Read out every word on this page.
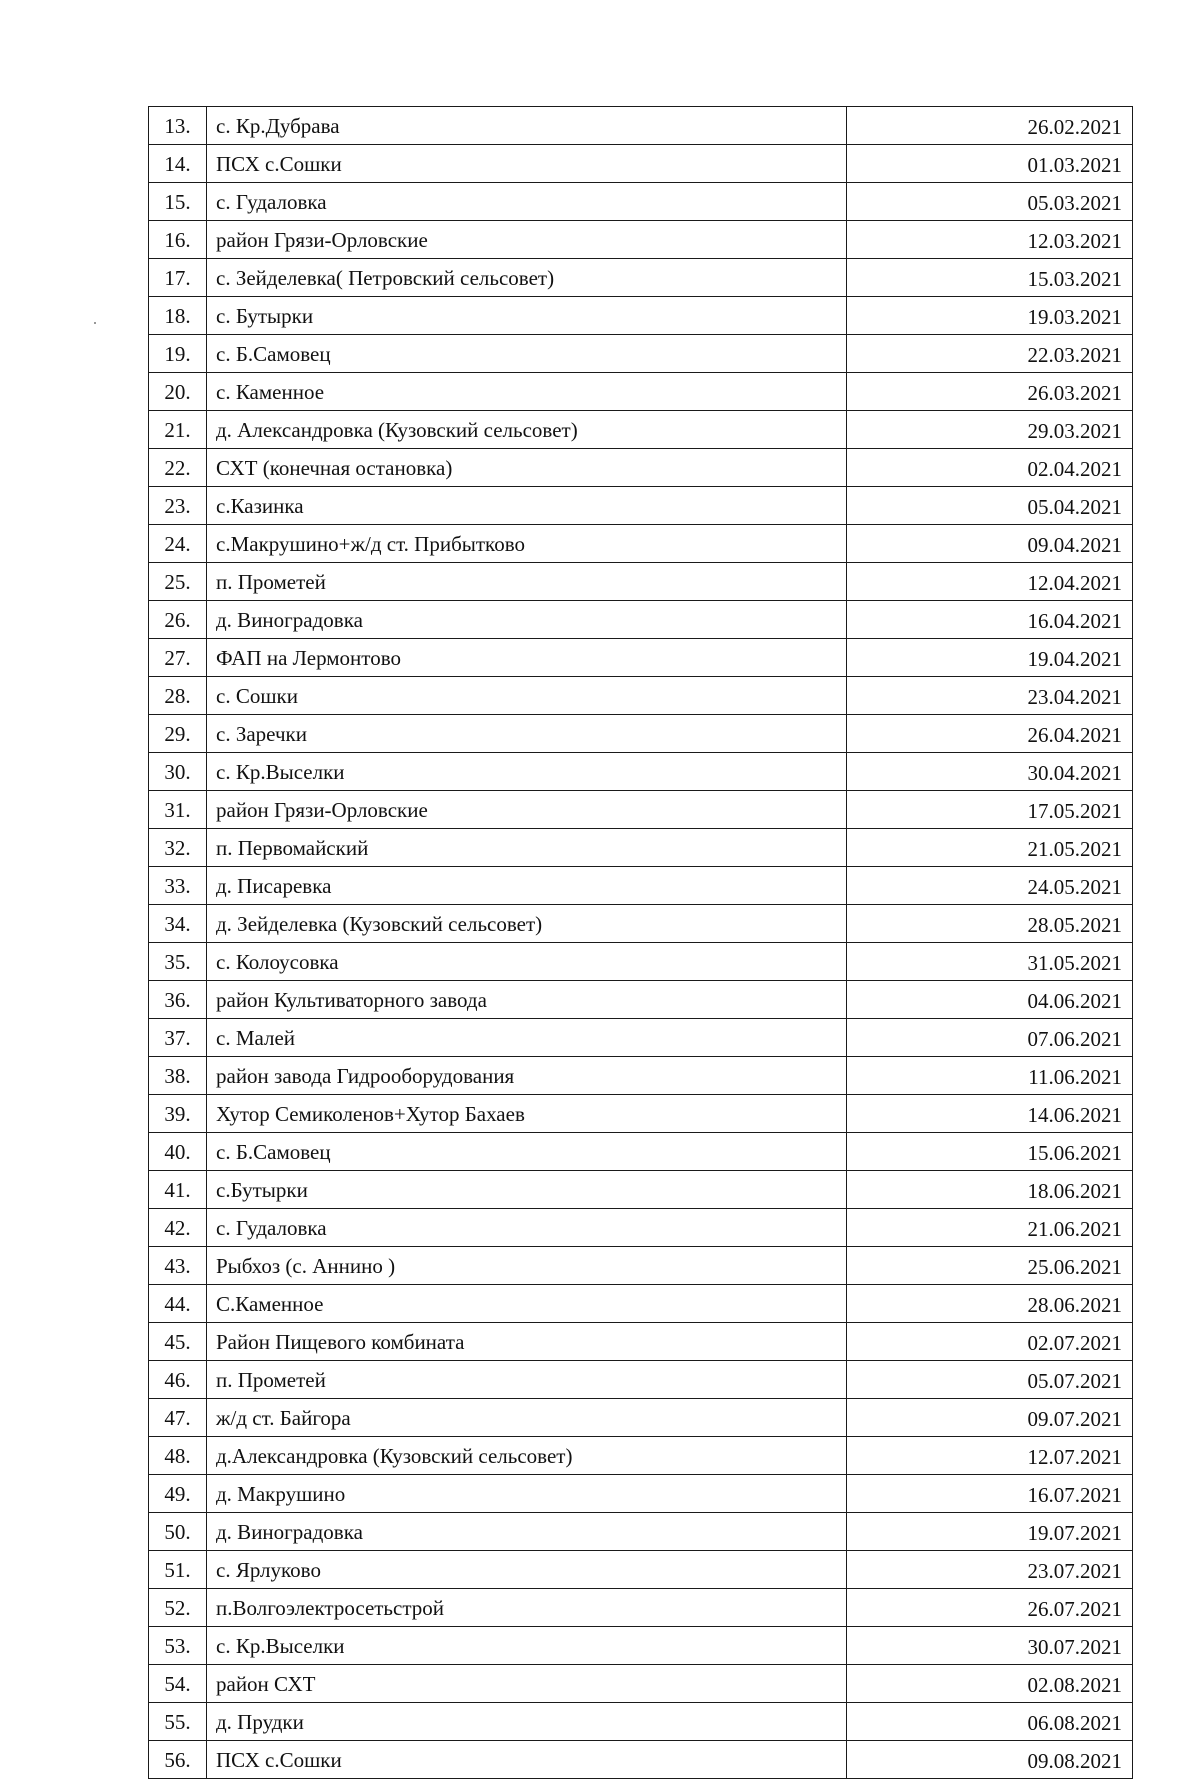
13.	с. Кр.Дубрава	26.02.2021
14.	ПСХ с.Сошки	01.03.2021
15.	с. Гудаловка	05.03.2021
16.	район Грязи-Орловские	12.03.2021
17.	с. Зейделевка( Петровский сельсовет)	15.03.2021
18.	с. Бутырки	19.03.2021
19.	с. Б.Самовец	22.03.2021
20.	с. Каменное	26.03.2021
21.	д. Александровка (Кузовский сельсовет)	29.03.2021
22.	СХТ (конечная остановка)	02.04.2021
23.	с.Казинка	05.04.2021
24.	с.Макрушино+ж/д ст. Прибытково	09.04.2021
25.	п. Прометей	12.04.2021
26.	д. Виноградовка	16.04.2021
27.	ФАП на Лермонтово	19.04.2021
28.	с. Сошки	23.04.2021
29.	с. Заречки	26.04.2021
30.	с. Кр.Выселки	30.04.2021
31.	район Грязи-Орловские	17.05.2021
32.	п. Первомайский	21.05.2021
33.	д. Писаревка	24.05.2021
34.	д. Зейделевка (Кузовский сельсовет)	28.05.2021
35.	с. Колоусовка	31.05.2021
36.	район Культиваторного завода	04.06.2021
37.	с. Малей	07.06.2021
38.	район завода Гидрооборудования	11.06.2021
39.	Хутор Семиколенов+Хутор Бахаев	14.06.2021
40.	с. Б.Самовец	15.06.2021
41.	с.Бутырки	18.06.2021
42.	с. Гудаловка	21.06.2021
43.	Рыбхоз (с. Аннино )	25.06.2021
44.	С.Каменное	28.06.2021
45.	Район Пищевого комбината	02.07.2021
46.	п. Прометей	05.07.2021
47.	ж/д ст. Байгора	09.07.2021
48.	д.Александровка (Кузовский сельсовет)	12.07.2021
49.	д. Макрушино	16.07.2021
50.	д. Виноградовка	19.07.2021
51.	с. Ярлуково	23.07.2021
52.	п.Волгоэлектросетьстрой	26.07.2021
53.	с. Кр.Выселки	30.07.2021
54.	район СХТ	02.08.2021
55.	д. Прудки	06.08.2021
56.	ПСХ с.Сошки	09.08.2021
